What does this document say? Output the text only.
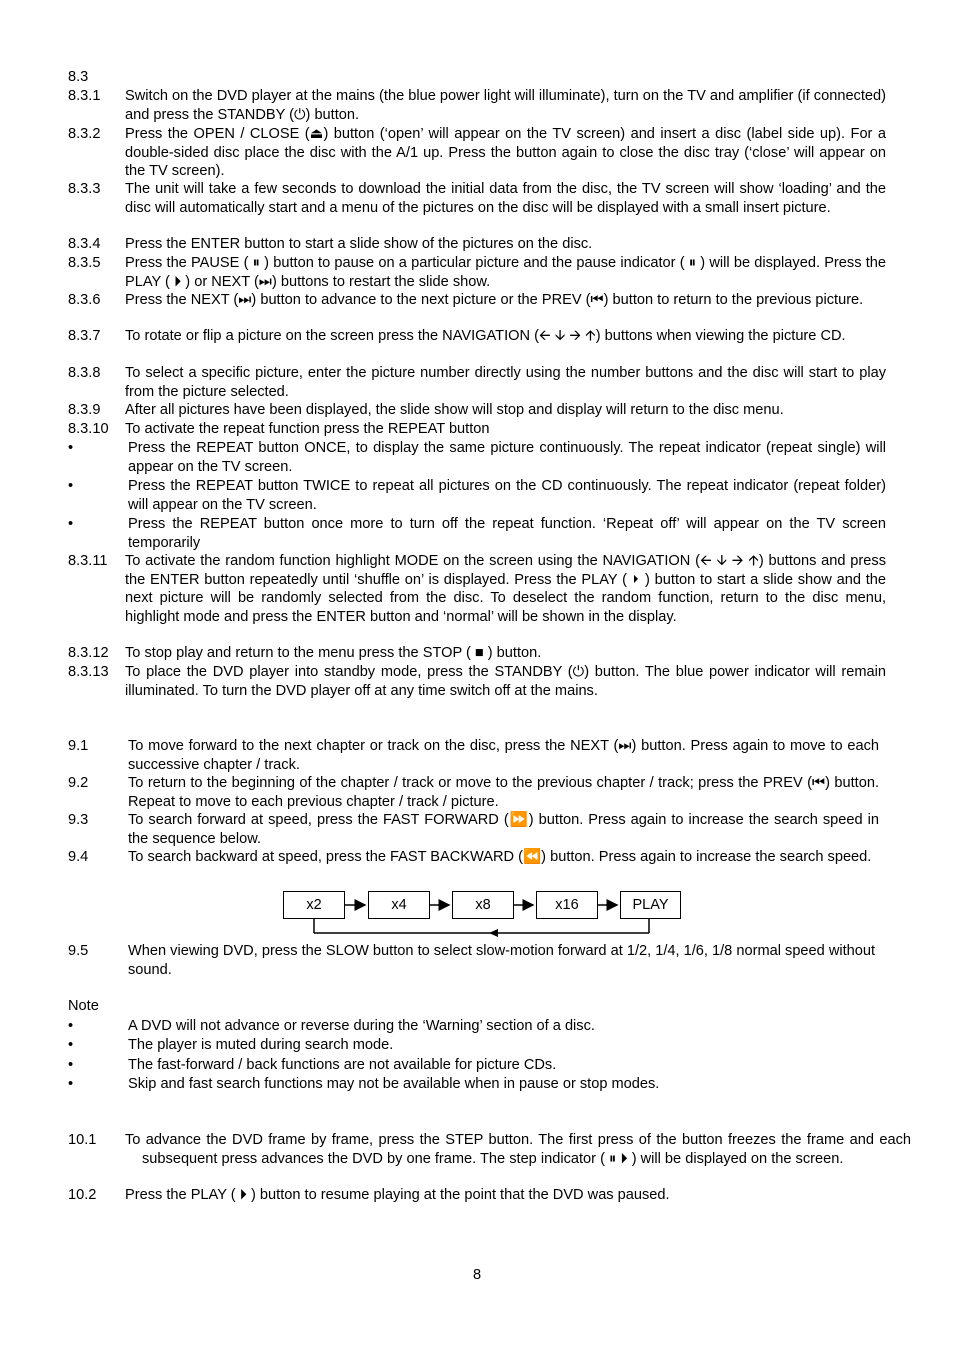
8.3
8.3.1 Switch on the DVD player at the mains (the blue power light will illuminate), turn on the TV and amplifier (if connected) and press the STANDBY (⏻) button.
8.3.2 Press the OPEN / CLOSE (⏏) button (‘open’ will appear on the TV screen) and insert a disc (label side up). For a double-sided disc place the disc with the A/1 up. Press the button again to close the disc tray (‘close’ will appear on the TV screen).
8.3.3 The unit will take a few seconds to download the initial data from the disc, the TV screen will show ‘loading’ and the disc will automatically start and a menu of the pictures on the disc will be displayed with a small insert picture.
8.3.4 Press the ENTER button to start a slide show of the pictures on the disc.
8.3.5 Press the PAUSE ( ⏸ ) button to pause on a particular picture and the pause indicator ( ⏸ ) will be displayed. Press the PLAY ( ⏵ ) or NEXT (⏭) buttons to restart the slide show.
8.3.6 Press the NEXT (⏭) button to advance to the next picture or the PREV (⏮) button to return to the previous picture.
8.3.7 To rotate or flip a picture on the screen press the NAVIGATION (🡨 🡫 🡪 🡩) buttons when viewing the picture CD.
8.3.8 To select a specific picture, enter the picture number directly using the number buttons and the disc will start to play from the picture selected.
8.3.9 After all pictures have been displayed, the slide show will stop and display will return to the disc menu.
8.3.10 To activate the repeat function press the REPEAT button
•	Press the REPEAT button ONCE, to display the same picture continuously. The repeat indicator (repeat single) will appear on the TV screen.
•	Press the REPEAT button TWICE to repeat all pictures on the CD continuously. The repeat indicator (repeat folder) will appear on the TV screen.
•	Press the REPEAT button once more to turn off the repeat function. ‘Repeat off’ will appear on the TV screen temporarily
8.3.11 To activate the random function highlight MODE on the screen using the NAVIGATION (🡨 🡫 🡪 🡩) buttons and press the ENTER button repeatedly until ‘shuffle on’ is displayed. Press the PLAY ( ⏵ ) button to start a slide show and the next picture will be randomly selected from the disc. To deselect the random function, return to the disc menu, highlight mode and press the ENTER button and ‘normal’ will be shown in the display.
8.3.12 To stop play and return to the menu press the STOP ( ■ ) button.
8.3.13 To place the DVD player into standby mode, press the STANDBY (⏻) button. The blue power indicator will remain illuminated. To turn the DVD player off at any time switch off at the mains.
9.1	To move forward to the next chapter or track on the disc, press the NEXT (⏭) button. Press again to move to each successive chapter / track.
9.2	To return to the beginning of the chapter / track or move to the previous chapter / track; press the PREV (⏮) button. Repeat to move to each previous chapter / track / picture.
9.3	To search forward at speed, press the FAST FORWARD (⏩) button. Press again to increase the search speed in the sequence below.
9.4	To search backward at speed, press the FAST BACKWARD (⏪) button. Press again to increase the search speed.
x2	x4	x8	x16	PLAY
9.5	When viewing DVD, press the SLOW button to select slow-motion forward at 1/2, 1/4, 1/6, 1/8 normal speed without sound.
Note
•	A DVD will not advance or reverse during the ‘Warning’ section of a disc.
•	The player is muted during search mode.
•	The fast-forward / back functions are not available for picture CDs.
•	Skip and fast search functions may not be available when in pause or stop modes.
10.1 To advance the DVD frame by frame, press the STEP button. The first press of the button freezes the frame and each subsequent press advances the DVD by one frame. The step indicator ( ⏸ ⏵ ) will be displayed on the screen.
10.2 Press the PLAY ( ⏵ ) button to resume playing at the point that the DVD was paused.
8
